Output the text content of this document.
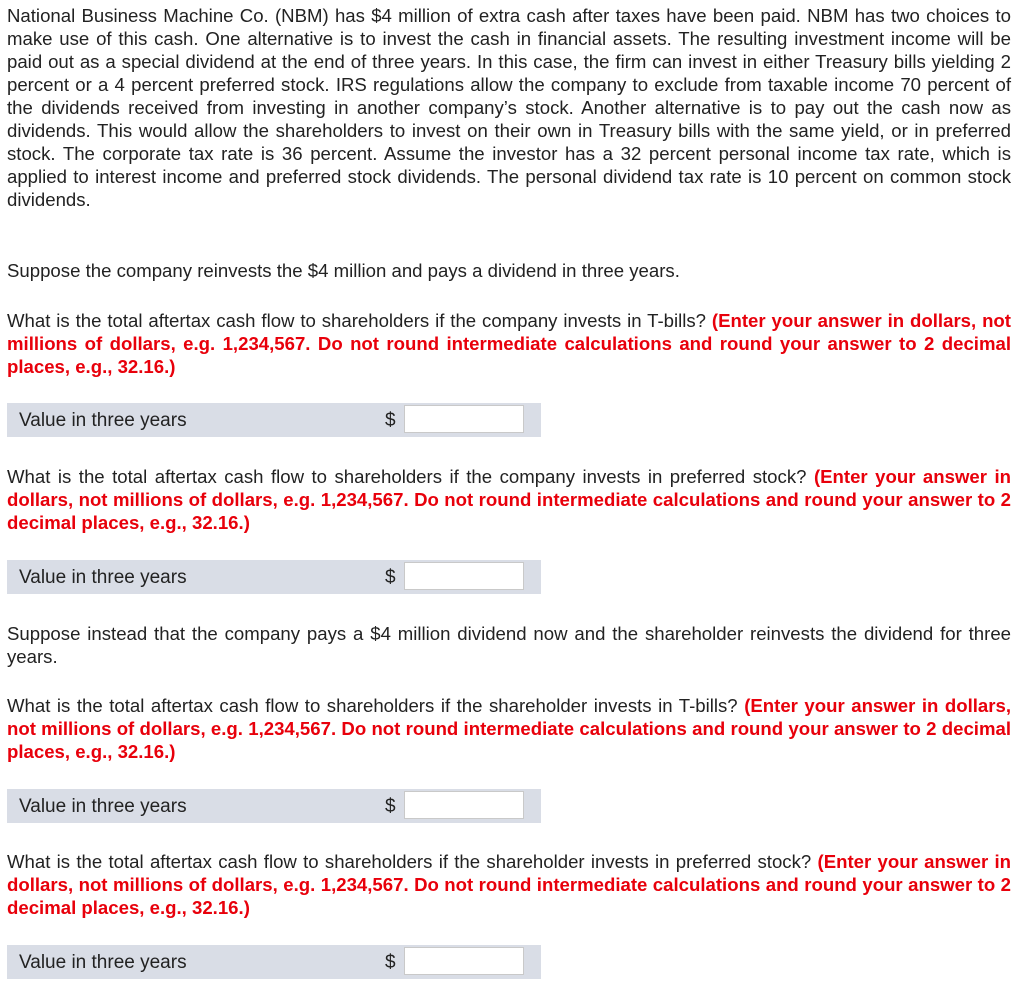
National Business Machine Co. (NBM) has $4 million of extra cash after taxes have been paid. NBM has two choices to make use of this cash. One alternative is to invest the cash in financial assets. The resulting investment income will be paid out as a special dividend at the end of three years. In this case, the firm can invest in either Treasury bills yielding 2 percent or a 4 percent preferred stock. IRS regulations allow the company to exclude from taxable income 70 percent of the dividends received from investing in another company’s stock. Another alternative is to pay out the cash now as dividends. This would allow the shareholders to invest on their own in Treasury bills with the same yield, or in preferred stock. The corporate tax rate is 36 percent. Assume the investor has a 32 percent personal income tax rate, which is applied to interest income and preferred stock dividends. The personal dividend tax rate is 10 percent on common stock dividends.

Suppose the company reinvests the $4 million and pays a dividend in three years.

What is the total aftertax cash flow to shareholders if the company invests in T-bills? (Enter your answer in dollars, not millions of dollars, e.g. 1,234,567. Do not round intermediate calculations and round your answer to 2 decimal places, e.g., 32.16.)

Value in three years	$

What is the total aftertax cash flow to shareholders if the company invests in preferred stock? (Enter your answer in dollars, not millions of dollars, e.g. 1,234,567. Do not round intermediate calculations and round your answer to 2 decimal places, e.g., 32.16.)

Value in three years	$

Suppose instead that the company pays a $4 million dividend now and the shareholder reinvests the dividend for three years.

What is the total aftertax cash flow to shareholders if the shareholder invests in T-bills? (Enter your answer in dollars, not millions of dollars, e.g. 1,234,567. Do not round intermediate calculations and round your answer to 2 decimal places, e.g., 32.16.)

Value in three years	$

What is the total aftertax cash flow to shareholders if the shareholder invests in preferred stock? (Enter your answer in dollars, not millions of dollars, e.g. 1,234,567. Do not round intermediate calculations and round your answer to 2 decimal places, e.g., 32.16.)

Value in three years	$
